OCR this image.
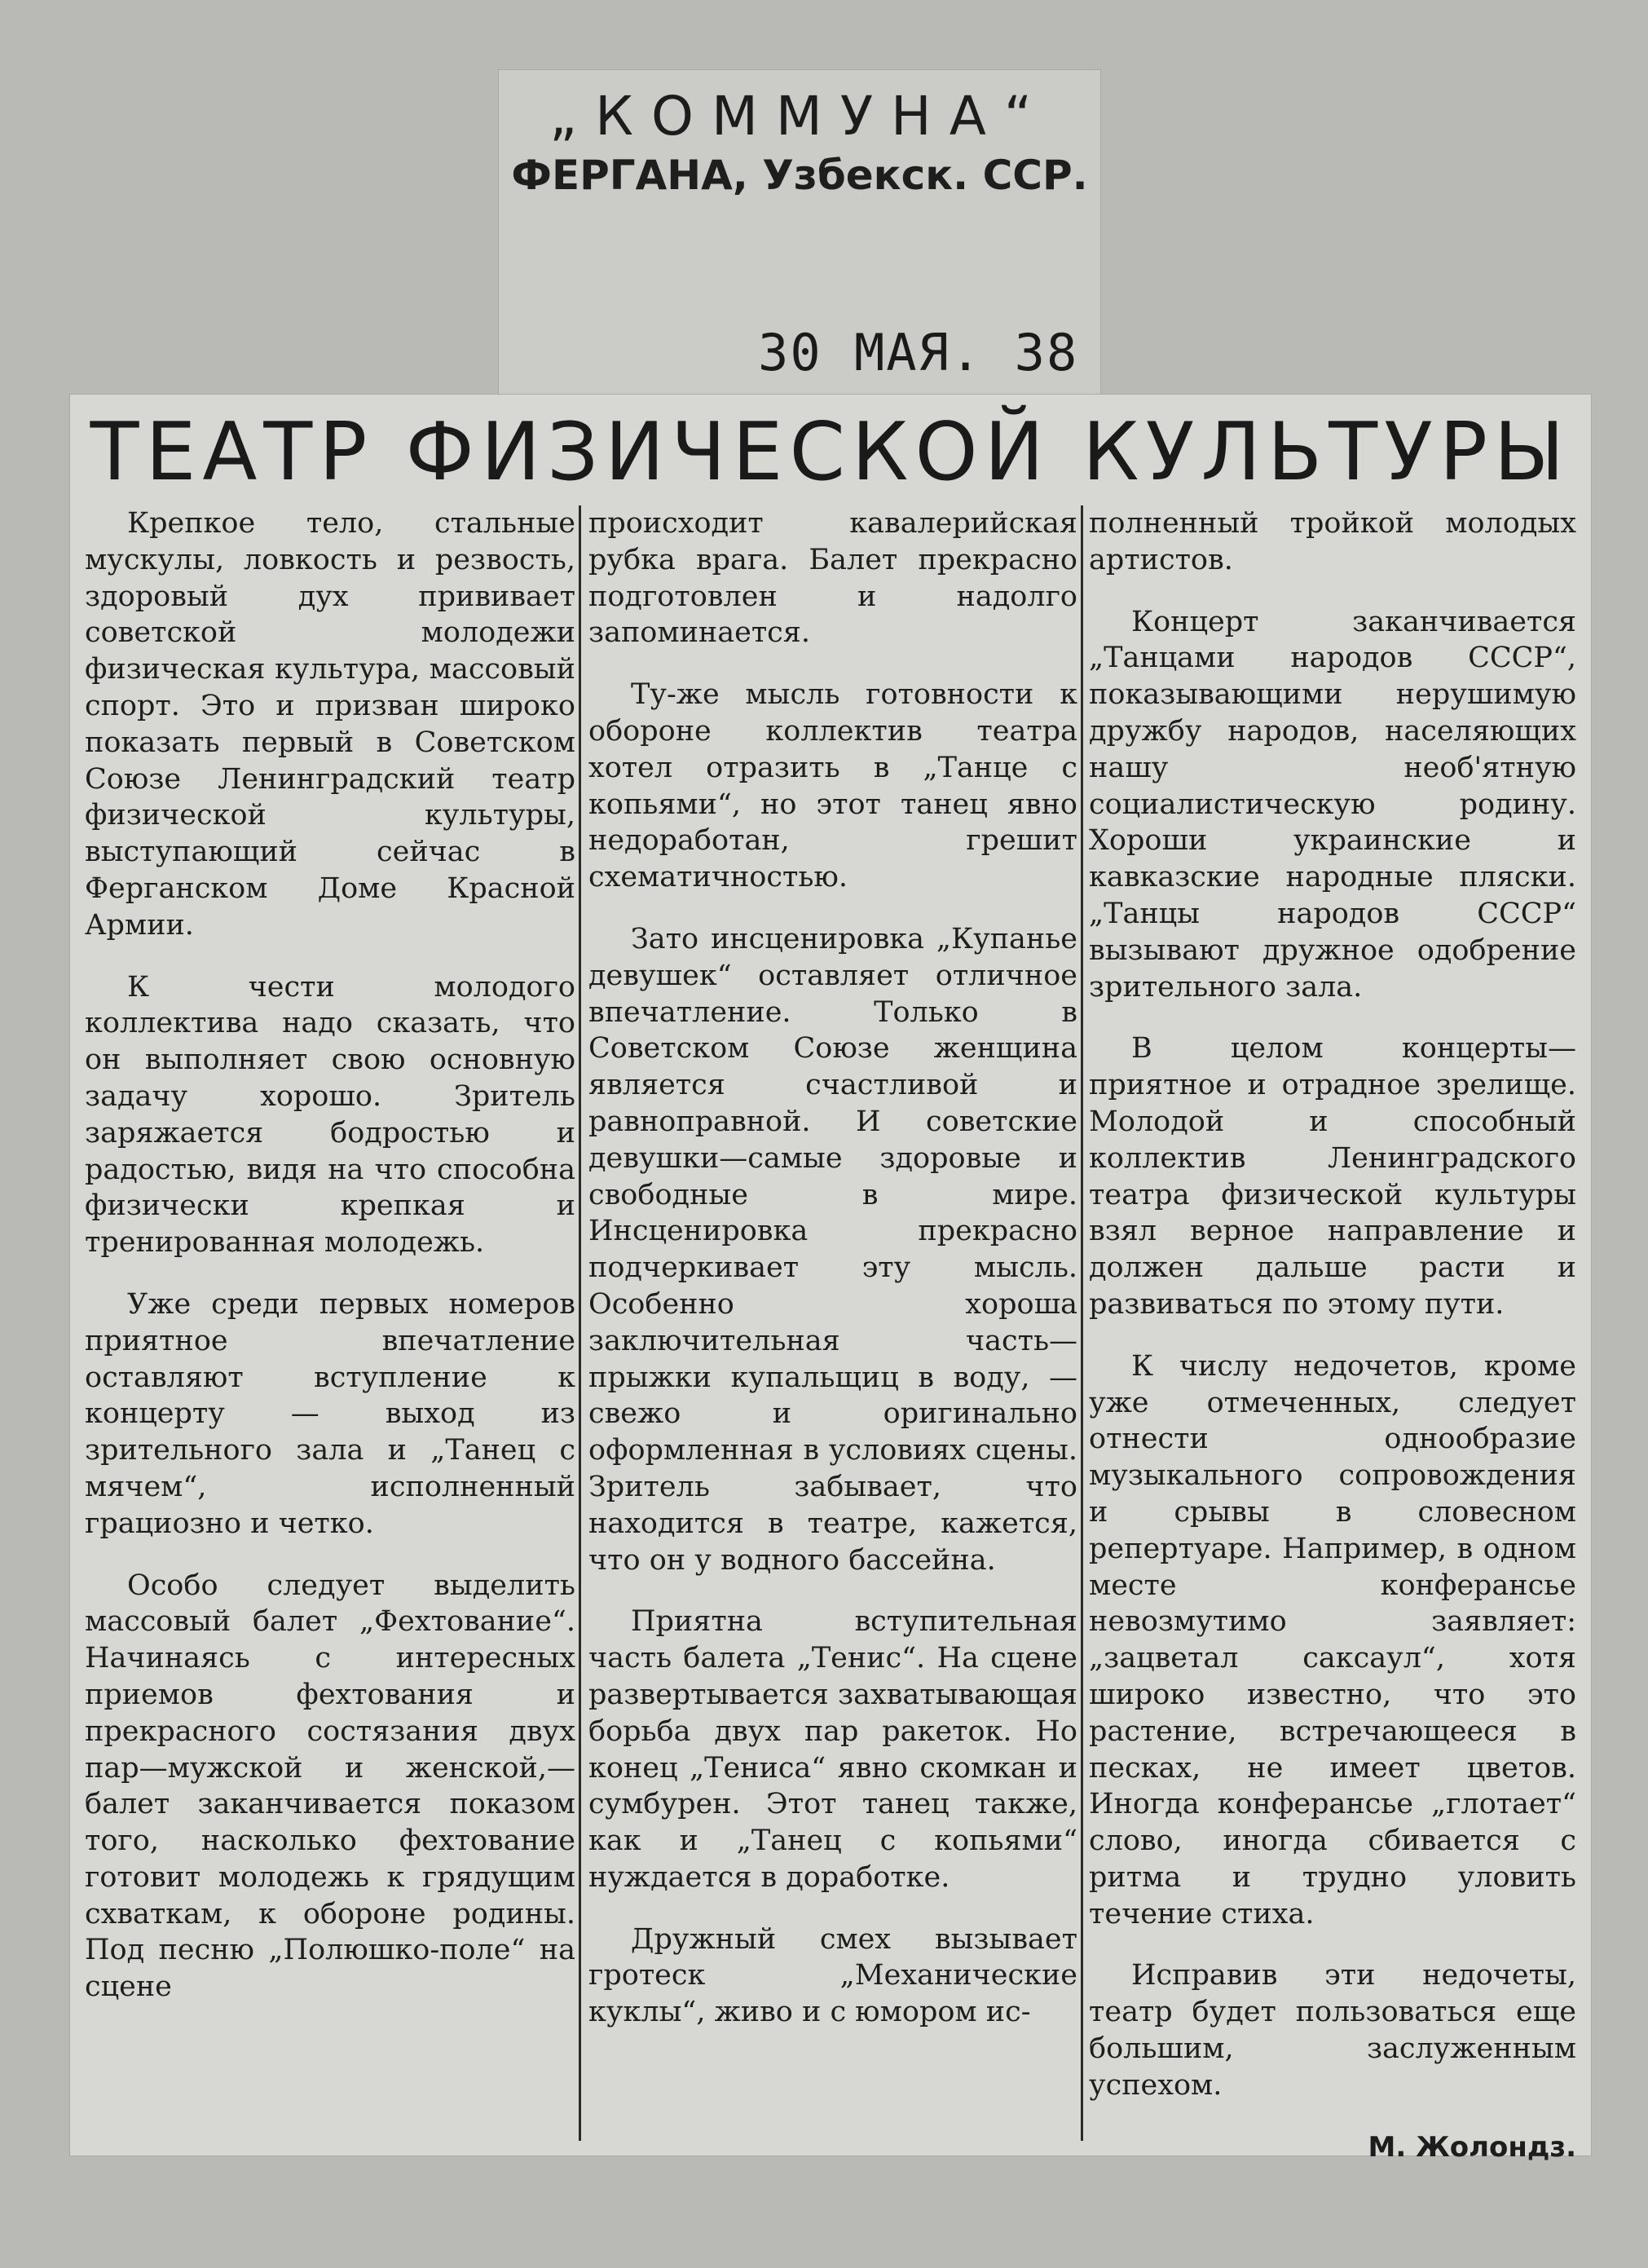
„КОММУНА“
ФЕРГАНА, Узбекск. ССР.
30 МАЯ. 38
ТЕАТР ФИЗИЧЕСКОЙ КУЛЬТУРЫ

Крепкое тело, стальные мускулы, ловкость и резвость, здоровый дух прививает советской молодежи физическая культура, массовый спорт. Это и призван широко показать первый в Советском Союзе Ленинградский театр физической культуры, выступающий сейчас в Ферганском Доме Красной Армии.

К чести молодого коллектива надо сказать, что он выполняет свою основную задачу хорошо. Зритель заряжается бодростью и радостью, видя на что способна физически крепкая и тренированная молодежь.

Уже среди первых номеров приятное впечатление оставляют вступление к концерту — выход из зрительного зала и „Танец с мячем“, исполненный грациозно и четко.

Особо следует выделить массовый балет „Фехтование“. Начинаясь с интересных приемов фехтования и прекрасного состязания двух пар—мужской и женской,—балет заканчивается показом того, насколько фехтование готовит молодежь к грядущим схваткам, к обороне родины. Под песню „Полюшко-поле“ на сцене

происходит кавалерийская рубка врага. Балет прекрасно подготовлен и надолго запоминается.

Ту-же мысль готовности к обороне коллектив театра хотел отразить в „Танце с копьями“, но этот танец явно недоработан, грешит схематичностью.

Зато инсценировка „Купанье девушек“ оставляет отличное впечатление. Только в Советском Союзе женщина является счастливой и равноправной. И советские девушки—самые здоровые и свободные в мире. Инсценировка прекрасно подчеркивает эту мысль. Особенно хороша заключительная часть—прыжки купальщиц в воду, — свежо и оригинально оформленная в условиях сцены. Зритель забывает, что находится в театре, кажется, что он у водного бассейна.

Приятна вступительная часть балета „Тенис“. На сцене развертывается захватывающая борьба двух пар ракеток. Но конец „Тениса“ явно скомкан и сумбурен. Этот танец также, как и „Танец с копьями“ нуждается в доработке.

Дружный смех вызывает гротеск „Механические куклы“, живо и с юмором ис-

полненный тройкой молодых артистов.

Концерт заканчивается „Танцами народов СССР“, показывающими нерушимую дружбу народов, населяющих нашу необ'ятную социалистическую родину. Хороши украинские и кавказские народные пляски. „Танцы народов СССР“ вызывают дружное одобрение зрительного зала.

В целом концерты—приятное и отрадное зрелище. Молодой и способный коллектив Ленинградского театра физической культуры взял верное направление и должен дальше расти и развиваться по этому пути.

К числу недочетов, кроме уже отмеченных, следует отнести однообразие музыкального сопровождения и срывы в словесном репертуаре. Например, в одном месте конферансье невозмутимо заявляет: „зацветал саксаул“, хотя широко известно, что это растение, встречающееся в песках, не имеет цветов. Иногда конферансье „глотает“ слово, иногда сбивается с ритма и трудно уловить течение стиха.

Исправив эти недочеты, театр будет пользоваться еще большим, заслуженным успехом.

М. Жолондз.
